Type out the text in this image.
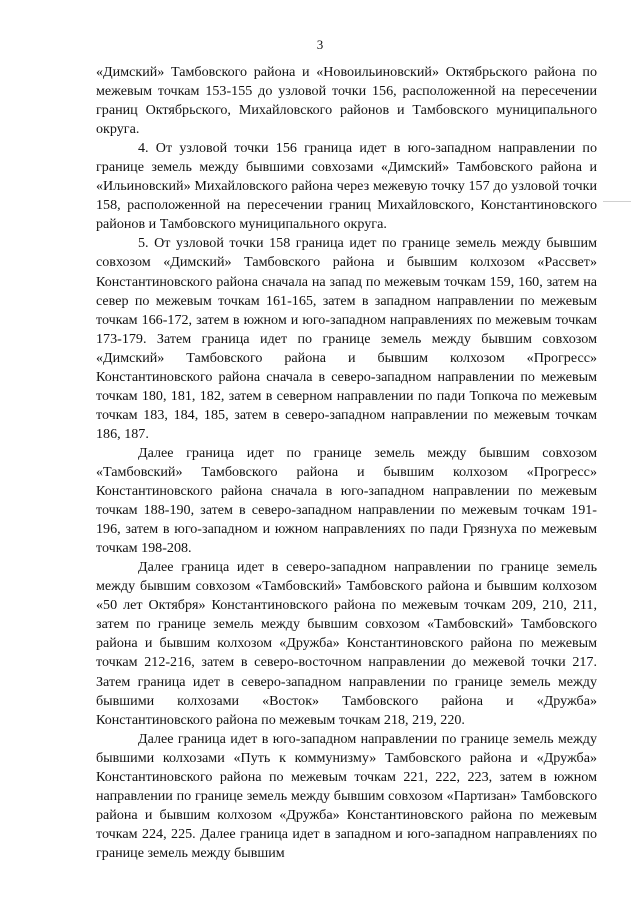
3

«Димский» Тамбовского района и «Новоильиновский» Октябрьского района по межевым точкам 153-155 до узловой точки 156, расположенной на пересечении границ Октябрьского, Михайловского районов и Тамбовского муниципального округа.

4. От узловой точки 156 граница идет в юго-западном направлении по границе земель между бывшими совхозами «Димский» Тамбовского района и «Ильиновский» Михайловского района через межевую точку 157 до узловой точки 158, расположенной на пересечении границ Михайловского, Константиновского районов и Тамбовского муниципального округа.

5. От узловой точки 158 граница идет по границе земель между бывшим совхозом «Димский» Тамбовского района и бывшим колхозом «Рассвет» Константиновского района сначала на запад по межевым точкам 159, 160, затем на север по межевым точкам 161-165, затем в западном направлении по межевым точкам 166-172, затем в южном и юго-западном направлениях по межевым точкам 173-179. Затем граница идет по границе земель между бывшим совхозом «Димский» Тамбовского района и бывшим колхозом «Прогресс» Константиновского района сначала в северо-западном направлении по межевым точкам 180, 181, 182, затем в северном направлении по пади Топкоча по межевым точкам 183, 184, 185, затем в северо-западном направлении по межевым точкам 186, 187.

Далее граница идет по границе земель между бывшим совхозом «Тамбовский» Тамбовского района и бывшим колхозом «Прогресс» Константиновского района сначала в юго-западном направлении по межевым точкам 188-190, затем в северо-западном направлении по межевым точкам 191-196, затем в юго-западном и южном направлениях по пади Грязнуха по межевым точкам 198-208.

Далее граница идет в северо-западном направлении по границе земель между бывшим совхозом «Тамбовский» Тамбовского района и бывшим колхозом «50 лет Октября» Константиновского района по межевым точкам 209, 210, 211, затем по границе земель между бывшим совхозом «Тамбовский» Тамбовского района и бывшим колхозом «Дружба» Константиновского района по межевым точкам 212-216, затем в северо-восточном направлении до межевой точки 217. Затем граница идет в северо-западном направлении по границе земель между бывшими колхозами «Восток» Тамбовского района и «Дружба» Константиновского района по межевым точкам 218, 219, 220.

Далее граница идет в юго-западном направлении по границе земель между бывшими колхозами «Путь к коммунизму» Тамбовского района и «Дружба» Константиновского района по межевым точкам 221, 222, 223, затем в южном направлении по границе земель между бывшим совхозом «Партизан» Тамбовского района и бывшим колхозом «Дружба» Константиновского района по межевым точкам 224, 225. Далее граница идет в западном и юго-западном направлениях по границе земель между бывшим
